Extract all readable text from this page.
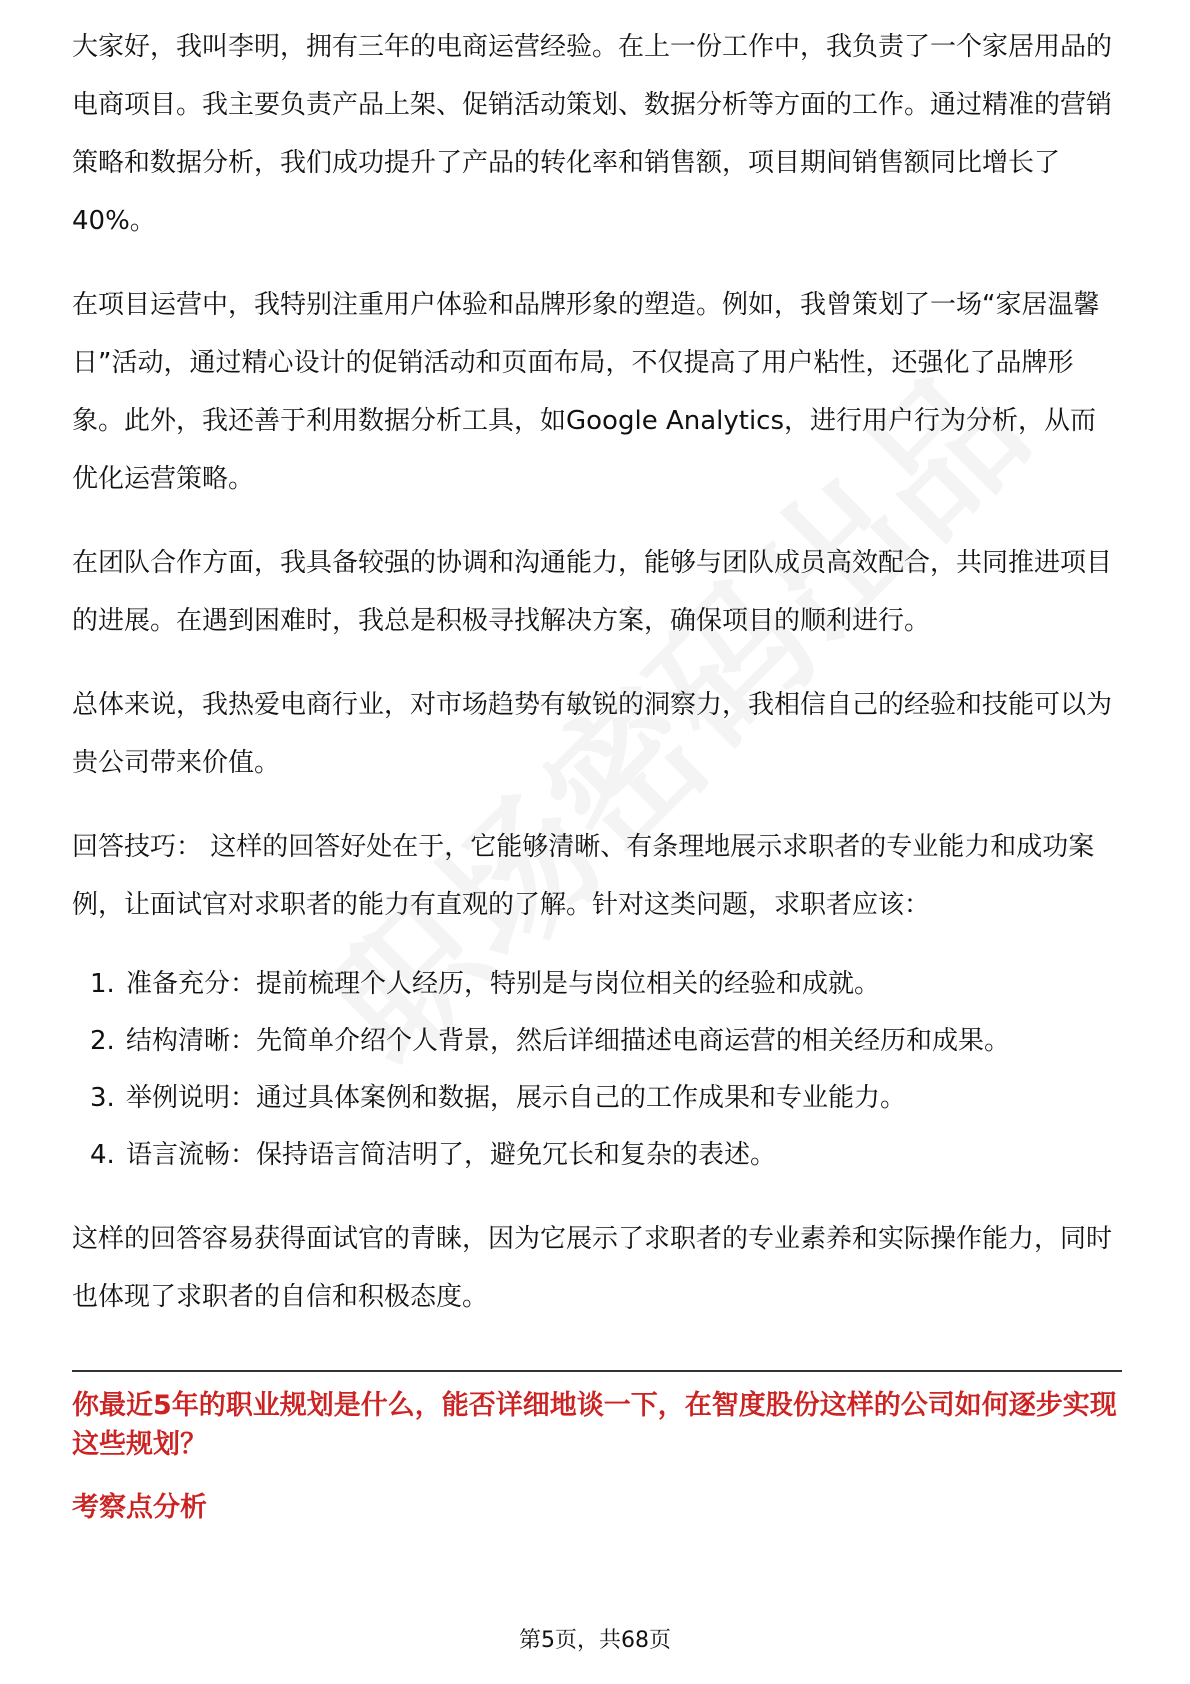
大家好，我叫李明，拥有三年的电商运营经验。在上一份工作中，我负责了一个家居用品的电商项目。我主要负责产品上架、促销活动策划、数据分析等方面的工作。通过精准的营销策略和数据分析，我们成功提升了产品的转化率和销售额，项目期间销售额同比增长了40%。

在项目运营中，我特别注重用户体验和品牌形象的塑造。例如，我曾策划了一场“家居温馨日”活动，通过精心设计的促销活动和页面布局，不仅提高了用户粘性，还强化了品牌形象。此外，我还善于利用数据分析工具，如Google Analytics，进行用户行为分析，从而优化运营策略。

在团队合作方面，我具备较强的协调和沟通能力，能够与团队成员高效配合，共同推进项目的进展。在遇到困难时，我总是积极寻找解决方案，确保项目的顺利进行。

总体来说，我热爱电商行业，对市场趋势有敏锐的洞察力，我相信自己的经验和技能可以为贵公司带来价值。

回答技巧： 这样的回答好处在于，它能够清晰、有条理地展示求职者的专业能力和成功案例，让面试官对求职者的能力有直观的了解。针对这类问题，求职者应该：

1. 准备充分：提前梳理个人经历，特别是与岗位相关的经验和成就。
2. 结构清晰：先简单介绍个人背景，然后详细描述电商运营的相关经历和成果。
3. 举例说明：通过具体案例和数据，展示自己的工作成果和专业能力。
4. 语言流畅：保持语言简洁明了，避免冗长和复杂的表述。

这样的回答容易获得面试官的青睐，因为它展示了求职者的专业素养和实际操作能力，同时也体现了求职者的自信和积极态度。

你最近5年的职业规划是什么，能否详细地谈一下，在智度股份这样的公司如何逐步实现这些规划？
考察点分析
第5页，共68页
